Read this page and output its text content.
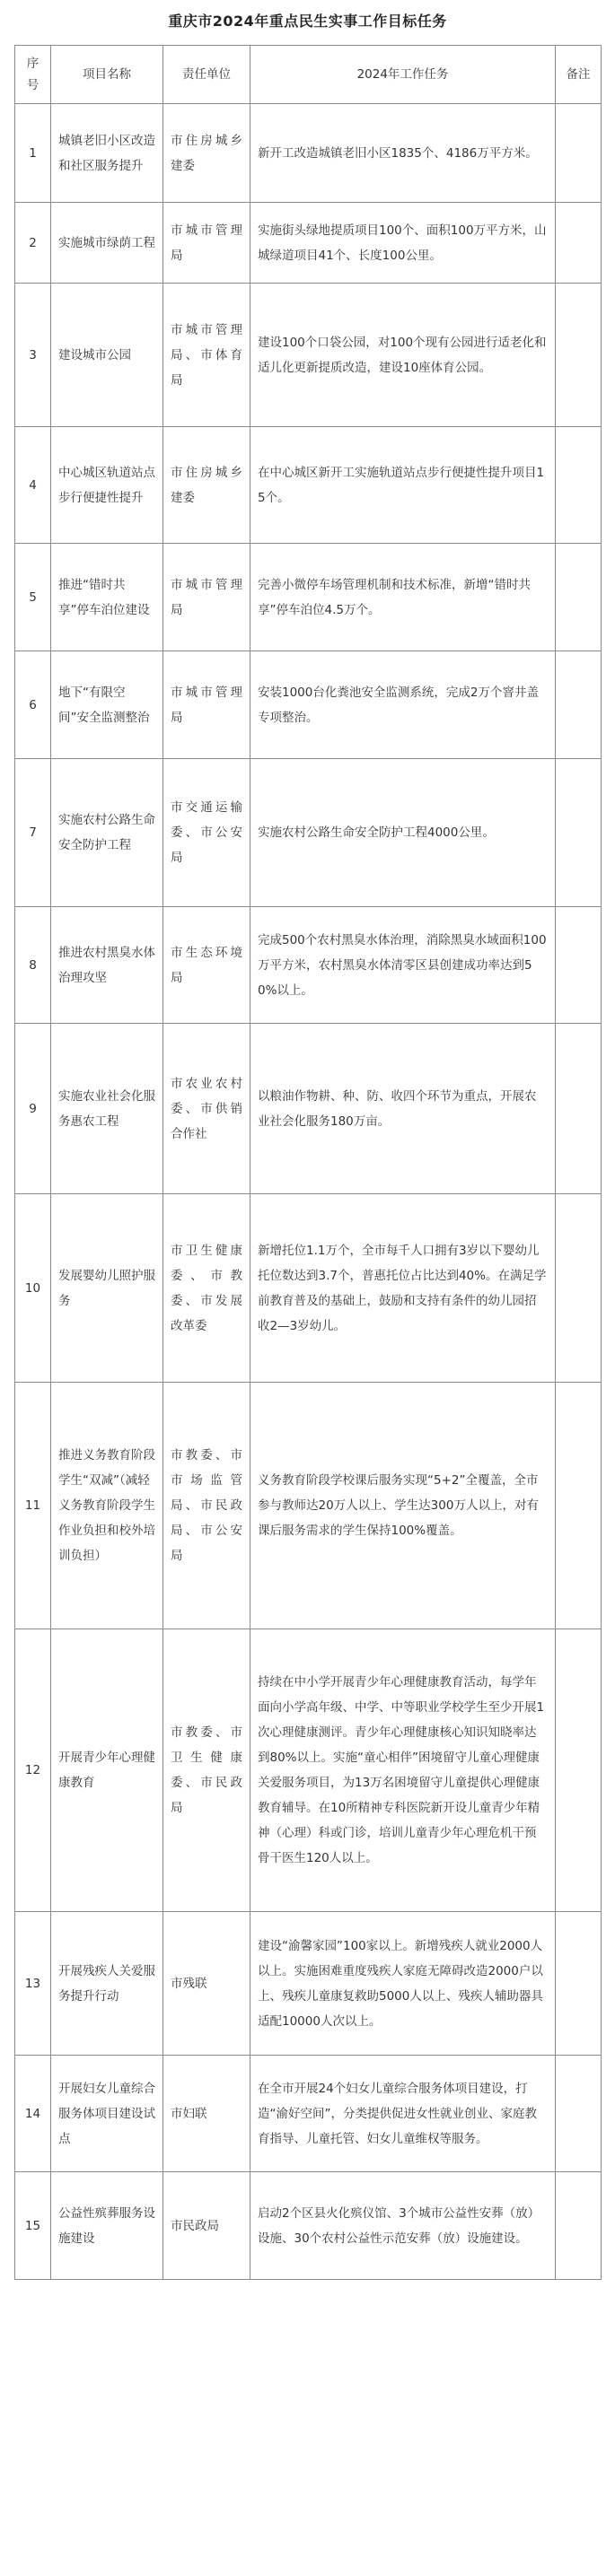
重庆市2024年重点民生实事工作目标任务
序号	项目名称	责任单位	2024年工作任务	备注
1	城镇老旧小区改造和社区服务提升	市住房城乡建委	新开工改造城镇老旧小区1835个、4186万平方米。	
2	实施城市绿荫工程	市城市管理局	实施街头绿地提质项目100个、面积100万平方米，山城绿道项目41个、长度100公里。	
3	建设城市公园	市城市管理局、市体育局	建设100个口袋公园，对100个现有公园进行适老化和适儿化更新提质改造，建设10座体育公园。	
4	中心城区轨道站点步行便捷性提升	市住房城乡建委	在中心城区新开工实施轨道站点步行便捷性提升项目15个。	
5	推进“错时共享”停车泊位建设	市城市管理局	完善小微停车场管理机制和技术标准，新增“错时共享”停车泊位4.5万个。	
6	地下“有限空间”安全监测整治	市城市管理局	安装1000台化粪池安全监测系统，完成2万个窨井盖专项整治。	
7	实施农村公路生命安全防护工程	市交通运输委、市公安局	实施农村公路生命安全防护工程4000公里。	
8	推进农村黑臭水体治理攻坚	市生态环境局	完成500个农村黑臭水体治理，消除黑臭水域面积100万平方米，农村黑臭水体清零区县创建成功率达到50%以上。	
9	实施农业社会化服务惠农工程	市农业农村委、市供销合作社	以粮油作物耕、种、防、收四个环节为重点，开展农业社会化服务180万亩。	
10	发展婴幼儿照护服务	市卫生健康委、市教委、市发展改革委	新增托位1.1万个，全市每千人口拥有3岁以下婴幼儿托位数达到3.7个，普惠托位占比达到40%。在满足学前教育普及的基础上，鼓励和支持有条件的幼儿园招收2—3岁幼儿。	
11	推进义务教育阶段学生“双减”（减轻义务教育阶段学生作业负担和校外培训负担）	市教委、市市场监管局、市民政局、市公安局	义务教育阶段学校课后服务实现“5+2”全覆盖，全市参与教师达20万人以上、学生达300万人以上，对有课后服务需求的学生保持100%覆盖。	
12	开展青少年心理健康教育	市教委、市卫生健康委、市民政局	持续在中小学开展青少年心理健康教育活动，每学年面向小学高年级、中学、中等职业学校学生至少开展1次心理健康测评。青少年心理健康核心知识知晓率达到80%以上。实施“童心相伴”困境留守儿童心理健康关爱服务项目，为13万名困境留守儿童提供心理健康教育辅导。在10所精神专科医院新开设儿童青少年精神（心理）科或门诊，培训儿童青少年心理危机干预骨干医生120人以上。	
13	开展残疾人关爱服务提升行动	市残联	建设“渝馨家园”100家以上。新增残疾人就业2000人以上。实施困难重度残疾人家庭无障碍改造2000户以上、残疾儿童康复救助5000人以上、残疾人辅助器具适配10000人次以上。	
14	开展妇女儿童综合服务体项目建设试点	市妇联	在全市开展24个妇女儿童综合服务体项目建设，打造“渝好空间”，分类提供促进女性就业创业、家庭教育指导、儿童托管、妇女儿童维权等服务。	
15	公益性殡葬服务设施建设	市民政局	启动2个区县火化殡仪馆、3个城市公益性安葬（放）设施、30个农村公益性示范安葬（放）设施建设。	
